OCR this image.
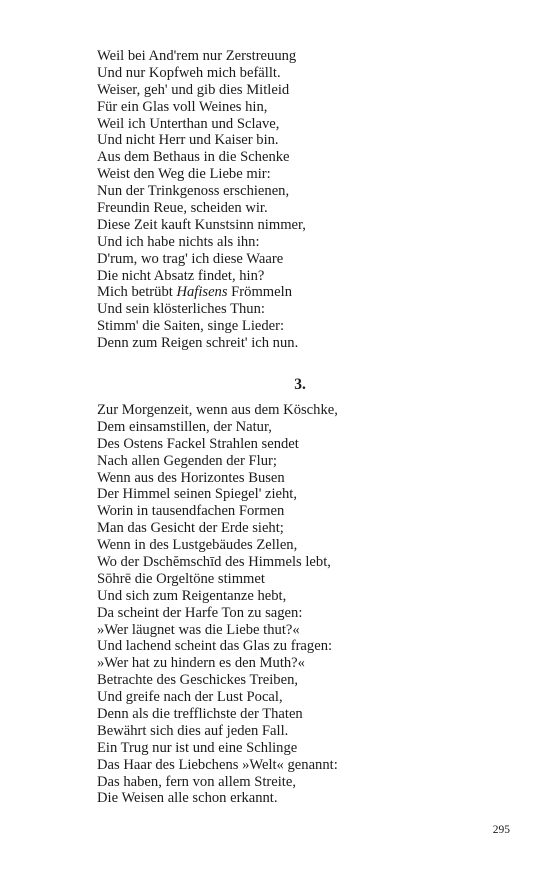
Weil bei And'rem nur Zerstreuung
Und nur Kopfweh mich befällt.
Weiser, geh' und gib dies Mitleid
Für ein Glas voll Weines hin,
Weil ich Unterthan und Sclave,
Und nicht Herr und Kaiser bin.
Aus dem Bethaus in die Schenke
Weist den Weg die Liebe mir:
Nun der Trinkgenoss erschienen,
Freundin Reue, scheiden wir.
Diese Zeit kauft Kunstsinn nimmer,
Und ich habe nichts als ihn:
D'rum, wo trag' ich diese Waare
Die nicht Absatz findet, hin?
Mich betrübt Hafisens Frömmeln
Und sein klösterliches Thun:
Stimm' die Saiten, singe Lieder:
Denn zum Reigen schreit' ich nun.
3.
Zur Morgenzeit, wenn aus dem Köschke,
Dem einsamstillen, der Natur,
Des Ostens Fackel Strahlen sendet
Nach allen Gegenden der Flur;
Wenn aus des Horizontes Busen
Der Himmel seinen Spiegel' zieht,
Worin in tausendfachen Formen
Man das Gesicht der Erde sieht;
Wenn in des Lustgebäudes Zellen,
Wo der Dschĕmschīd des Himmels lebt,
Sōhrē die Orgeltöne stimmet
Und sich zum Reigentanze hebt,
Da scheint der Harfe Ton zu sagen:
»Wer läugnet was die Liebe thut?«
Und lachend scheint das Glas zu fragen:
»Wer hat zu hindern es den Muth?«
Betrachte des Geschickes Treiben,
Und greife nach der Lust Pocal,
Denn als die trefflichste der Thaten
Bewährt sich dies auf jeden Fall.
Ein Trug nur ist und eine Schlinge
Das Haar des Liebchens »Welt« genannt:
Das haben, fern von allem Streite,
Die Weisen alle schon erkannt.
295
